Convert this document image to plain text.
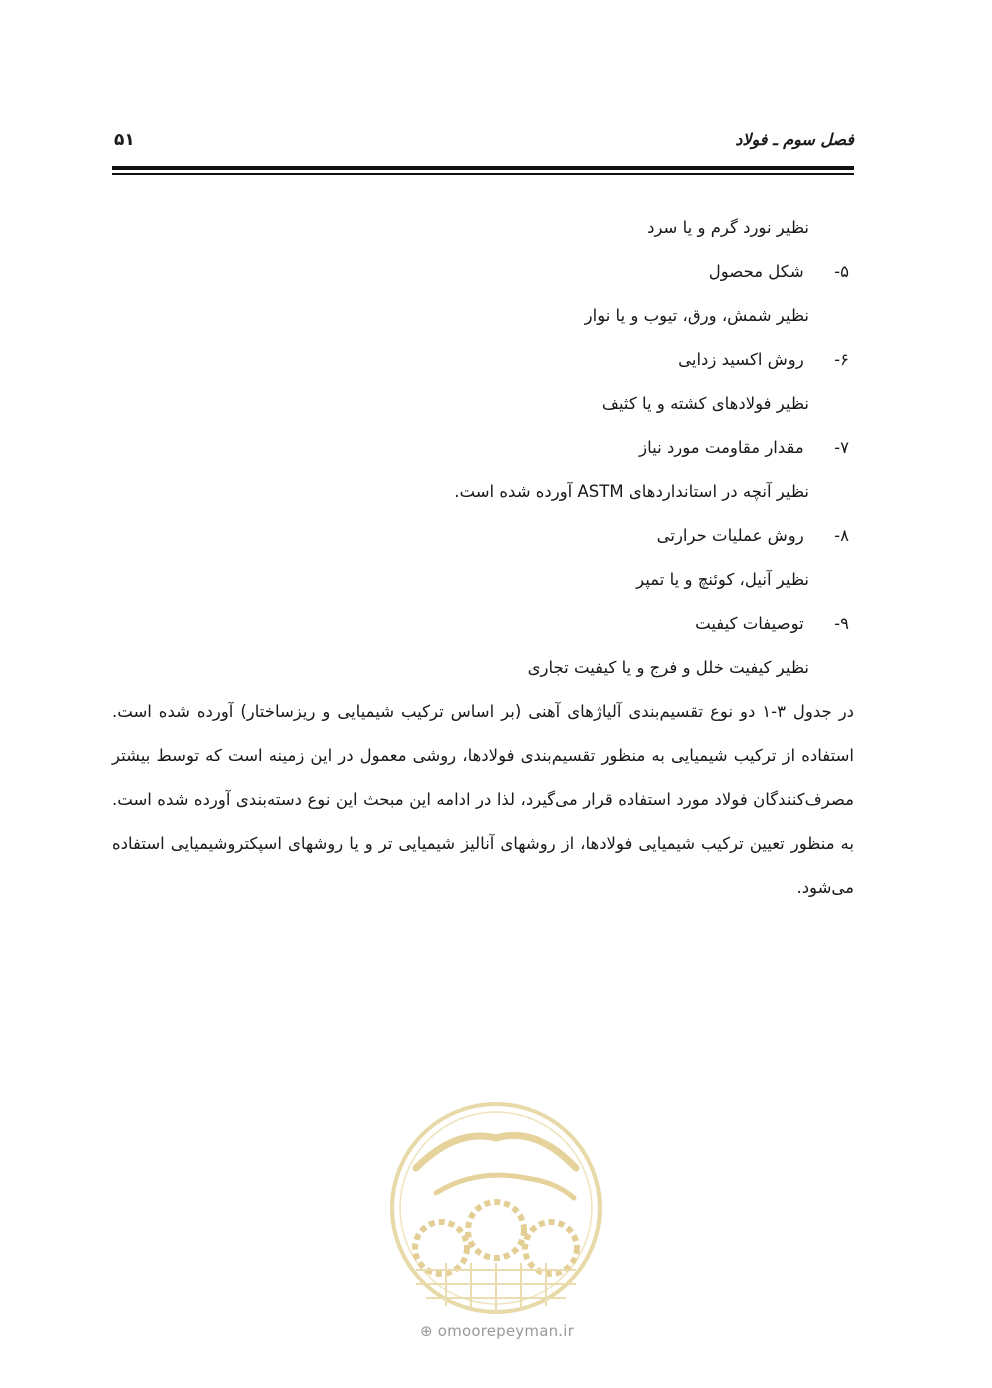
فصل سوم ـ فولاد
۵۱
نظیر نورد گرم و یا سرد
۵- شکل محصول
نظیر شمش، ورق، تیوب و یا نوار
۶- روش اکسید زدایی
نظیر فولادهای کشته و یا کثیف
۷- مقدار مقاومت مورد نیاز
نظیر آنچه در استانداردهای ASTM آورده شده است.
۸- روش عملیات حرارتی
نظیر آنیل، کوئنچ و یا تمپر
۹- توصیفات کیفیت
نظیر کیفیت خلل و فرج و یا کیفیت تجاری
در جدول ۳-۱ دو نوع تقسیم‌بندی آلیاژهای آهنی (بر اساس ترکیب شیمیایی و ریزساختار) آورده شده است. استفاده از ترکیب شیمیایی به منظور تقسیم‌بندی فولادها، روشی معمول در این زمینه است که توسط بیشتر مصرف‌کنندگان فولاد مورد استفاده قرار می‌گیرد، لذا در ادامه این مبحث این نوع دسته‌بندی آورده شده است. به منظور تعیین ترکیب شیمیایی فولادها، از روشهای آنالیز شیمیایی تر و یا روشهای اسپکتروشیمیایی استفاده می‌شود.
⊕ omoorepeyman.ir
